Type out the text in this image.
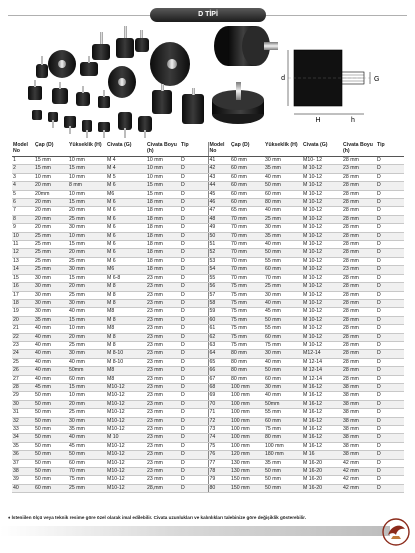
D TİPİ
d
H	h
G
Model No	Çap (D)	Yükseklik (H)	Civata (G)	Civata Boyu (h)	Tip	Model No	Çap (D)	Yükseklik (H)	Civata (G)	Civata Boyu (h)	Tip
1	15 mm	10 mm	M 4	10 mm	D	41	60 mm	30 mm	M10- 12	28 mm	D
2	15 mm	15 mm	M 4	10 mm	D	42	60 mm	35 mm	M 10-12	23 mm	D
3	10 mm	10 mm	M 5	10 mm	D	43	60 mm	40 mm	M 10-12	28 mm	D
4	20 mm	8 mm	M 6	15 mm	D	44	60 mm	50 mm	M 10-12	28 mm	D
5	20mm	10 mm	M6	15 mm	D	45	60 mm	60 mm	M 10-12	28 mm	D
6	20 mm	15 mm	M 6	18 mm	D	46	60 mm	80 mm	M 10-12	28 mm	D
7	20 mm	20 mm	M 6	18 mm	D	47	65 mm	40 mm	M 10-12	28 mm	D
8	20 mm	25 mm	M 6	18 mm	D	48	70 mm	25 mm	M 10-12	28 mm	D
9	20 mm	30 mm	M 6	18 mm	D	49	70 mm	30 mm	M 10-12	28 mm	D
10	25 mm	10 mm	M 6	18 mm	D	50	70 mm	35 mm	M 10-12	28 mm	D
11	25 mm	15 mm	M 6	18 mm	D	51	70 mm	40 mm	M 10-12	28 mm	D
12	25 mm	20 mm	M 6	18 mm	D	52	70 mm	50 mm	M 10-12	28 mm	D
13	25 mm	25 mm	M 6	18 mm	D	53	70 mm	55 mm	M 10-12	28 mm	D
14	25 mm	30 mm	M6	18 mm	D	54	70 mm	60 mm	M 10-12	23 mm	D
15	30 mm	15 mm	M 6-8	23 mm	D	55	70 mm	70 mm	M 10-12	28 mm	D
16	30 mm	20 mm	M 8	23 mm	D	56	75 mm	25 mm	M 10-12	28 mm	D
17	30 mm	25 mm	M 8	23 mm	D	57	75 mm	30 mm	M 10-12	28 mm	D
18	30 mm	30 mm	M 8	23 mm	D	58	75 mm	40 mm	M 10-12	28 mm	D
19	30 mm	40 mm	M8	23 mm	D	59	75 mm	45 mm	M 10-12	28 mm	D
20	35 mm	15 mm	M 8	23 mm	D	60	75 mm	50 mm	M 10-12	28 mm	D
21	40 mm	10 mm	M8	23 mm	D	61	75 mm	55 mm	M 10-12	28 mm	D
22	40 mm	20 mm	M 8	23 mm	D	62	75 mm	60 mm	M 10-12	28 mm	D
23	40 mm	25 mm	M 8	23 mm	D	63	75 mm	75 mm	M 10-12	28 mm	D
24	40 mm	30 mm	M 8-10	23 mm	D	64	80 mm	30 mm	M12-14	28 mm	D
25	40 mm	40 mm	M 8-10	23 mm	D	65	80 mm	40 mm	M 12-14	28 mm	D
26	40 mm	50mm	M8	23 mm	D	66	80 mm	50 mm	M 12-14	28 mm	D
27	40 mm	60 mm	M8	23 mm	D	67	80 mm	60 mm	M 12-14	28 mm	D
28	45 mm	15 mm	M10-12	23 mm	D	68	100 mm	30 mm	M 16-12	38 mm	D
29	50 mm	10 mm	M10-12	23 mm	D	69	100 mm	40 mm	M 16-12	38 mm	D
30	50 mm	20 mm	M10-12	23 mm	D	70	100 mm	50mm	M 16-12	38 mm	D
31	50 mm	25 mm	M10-12	23 mm	D	71	100 mm	55 mm	M 16-12	38 mm	D
32	50 mm	30 mm	M10-12	23 mm	D	72	100 mm	60 mm	M 16-12	38 mm	D
33	50 mm	35 mm	M10-12	23 mm	D	73	100 mm	75 mm	M 16-12	38 mm	D
34	50 mm	40 mm	M 10	23 mm	D	74	100 mm	80 mm	M 16-12	38 mm	D
35	50 mm	45 mm	M10-12	23 mm	D	75	100 mm	100 mm	M 16-12	38 mm	D
36	50 mm	50 mm	M10-12	23 mm	D	76	120 mm	180 mm	M 16	38 mm	D
37	50 mm	60 mm	M10-12	23 mm	D	77	130 mm	35 mm	M 16-20	42 mm	D
38	50 mm	70 mm	M10-12	23 mm	D	78	130 mm	50 mm	M 16-20	42 mm	D
39	50 mm	75 mm	M10-12	23 mm	D	79	150 mm	50 mm	M 16-20	42 mm	D
40	60 mm	25 mm	M10-12	28,mm	D	80	150 mm	50 mm	M 16-20	42 mm	D
♦ İsteniilen ölçü veya teknik resime göre özel olarak imal edilebilir. Civata uzunlukları ve kalınlıkları talebinize göre değişiklik gösterebilir.
